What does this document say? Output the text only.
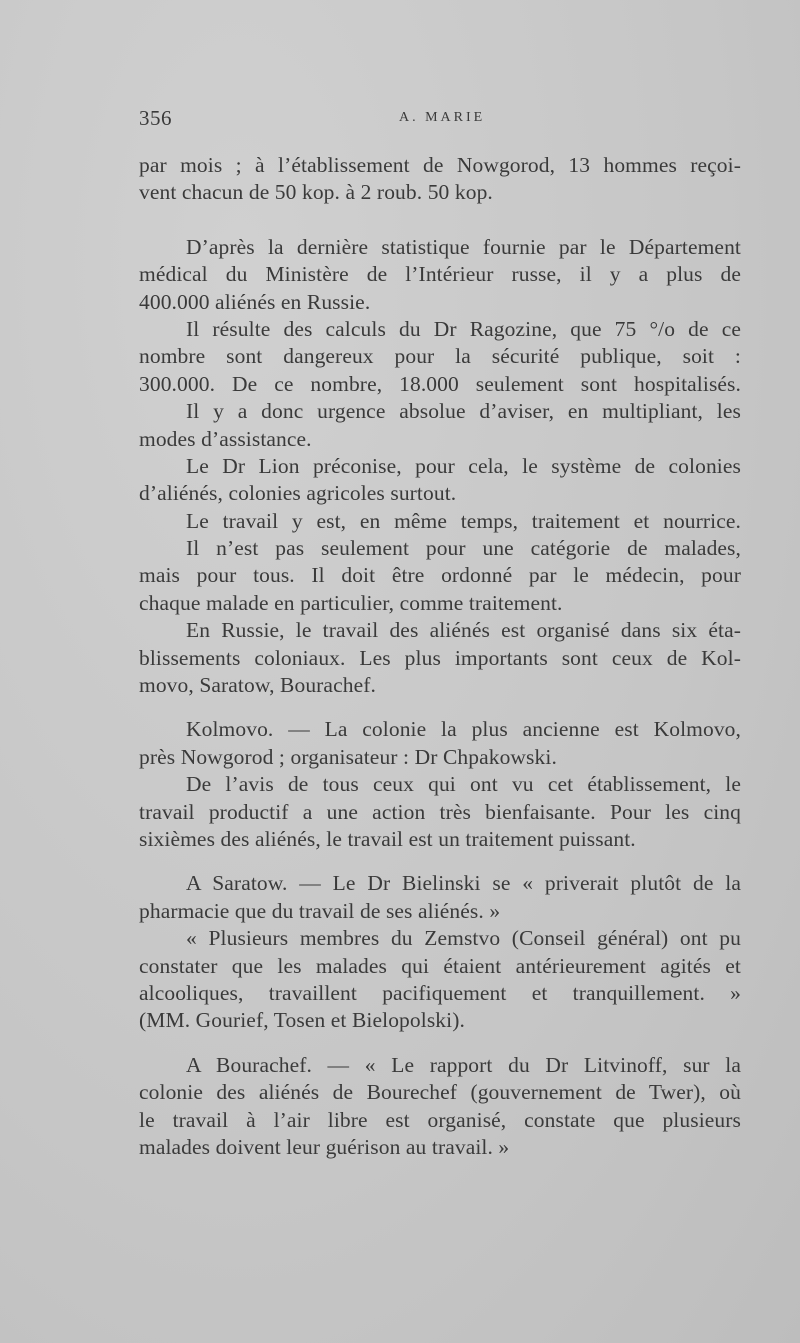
356	A. MARIE
par mois ; à l’établissement de Nowgorod, 13 hommes reçoi-
vent chacun de 50 kop. à 2 roub. 50 kop.
D’après la dernière statistique fournie par le Département
médical du Ministère de l’Intérieur russe, il y a plus de
400.000 aliénés en Russie.
Il résulte des calculs du Dr Ragozine, que 75 °/o de ce
nombre sont dangereux pour la sécurité publique, soit :
300.000. De ce nombre, 18.000 seulement sont hospitalisés.
Il y a donc urgence absolue d’aviser, en multipliant, les
modes d’assistance.
Le Dr Lion préconise, pour cela, le système de colonies
d’aliénés, colonies agricoles surtout.
Le travail y est, en même temps, traitement et nourrice.
Il n’est pas seulement pour une catégorie de malades,
mais pour tous. Il doit être ordonné par le médecin, pour
chaque malade en particulier, comme traitement.
En Russie, le travail des aliénés est organisé dans six éta-
blissements coloniaux. Les plus importants sont ceux de Kol-
movo, Saratow, Bourachef.
Kolmovo. — La colonie la plus ancienne est Kolmovo,
près Nowgorod ; organisateur : Dr Chpakowski.
De l’avis de tous ceux qui ont vu cet établissement, le
travail productif a une action très bienfaisante. Pour les cinq
sixièmes des aliénés, le travail est un traitement puissant.
A Saratow. — Le Dr Bielinski se « priverait plutôt de la
pharmacie que du travail de ses aliénés. »
« Plusieurs membres du Zemstvo (Conseil général) ont pu
constater que les malades qui étaient antérieurement agités et
alcooliques, travaillent pacifiquement et tranquillement. »
(MM. Gourief, Tosen et Bielopolski).
A Bourachef. — « Le rapport du Dr Litvinoff, sur la
colonie des aliénés de Bourechef (gouvernement de Twer), où
le travail à l’air libre est organisé, constate que plusieurs
malades doivent leur guérison au travail. »
